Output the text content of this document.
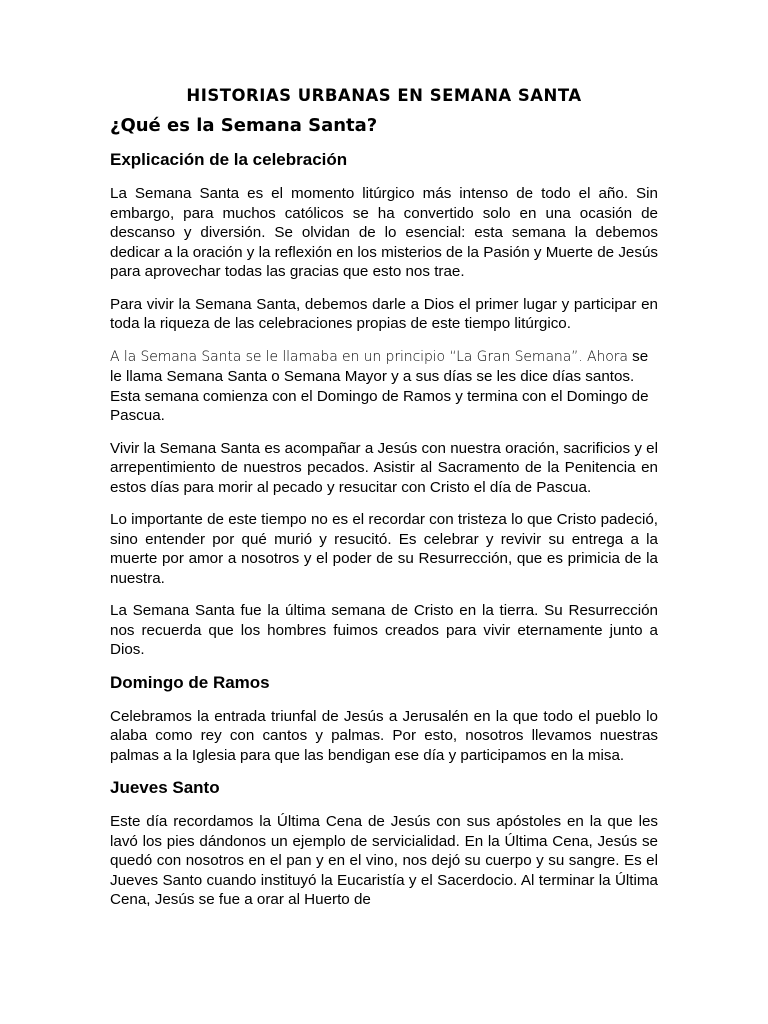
HISTORIAS URBANAS EN SEMANA SANTA
¿Qué es la Semana Santa?
Explicación de la celebración

La Semana Santa es el momento litúrgico más intenso de todo el año. Sin embargo, para muchos católicos se ha convertido solo en una ocasión de descanso y diversión. Se olvidan de lo esencial: esta semana la debemos dedicar a la oración y la reflexión en los misterios de la Pasión y Muerte de Jesús para aprovechar todas las gracias que esto nos trae.

Para vivir la Semana Santa, debemos darle a Dios el primer lugar y participar en toda la riqueza de las celebraciones propias de este tiempo litúrgico.

A la Semana Santa se le llamaba en un principio “La Gran Semana”. Ahora se le llama Semana Santa o Semana Mayor y a sus días se les dice días santos. Esta semana comienza con el Domingo de Ramos y termina con el Domingo de Pascua.

Vivir la Semana Santa es acompañar a Jesús con nuestra oración, sacrificios y el arrepentimiento de nuestros pecados. Asistir al Sacramento de la Penitencia en estos días para morir al pecado y resucitar con Cristo el día de Pascua.

Lo importante de este tiempo no es el recordar con tristeza lo que Cristo padeció, sino entender por qué murió y resucitó. Es celebrar y revivir su entrega a la muerte por amor a nosotros y el poder de su Resurrección, que es primicia de la nuestra.

La Semana Santa fue la última semana de Cristo en la tierra. Su Resurrección nos recuerda que los hombres fuimos creados para vivir eternamente junto a Dios.

Domingo de Ramos

Celebramos la entrada triunfal de Jesús a Jerusalén en la que todo el pueblo lo alaba como rey con cantos y palmas. Por esto, nosotros llevamos nuestras palmas a la Iglesia para que las bendigan ese día y participamos en la misa.

Jueves Santo

Este día recordamos la Última Cena de Jesús con sus apóstoles en la que les lavó los pies dándonos un ejemplo de servicialidad. En la Última Cena, Jesús se quedó con nosotros en el pan y en el vino, nos dejó su cuerpo y su sangre. Es el Jueves Santo cuando instituyó la Eucaristía y el Sacerdocio. Al terminar la Última Cena, Jesús se fue a orar al Huerto de
